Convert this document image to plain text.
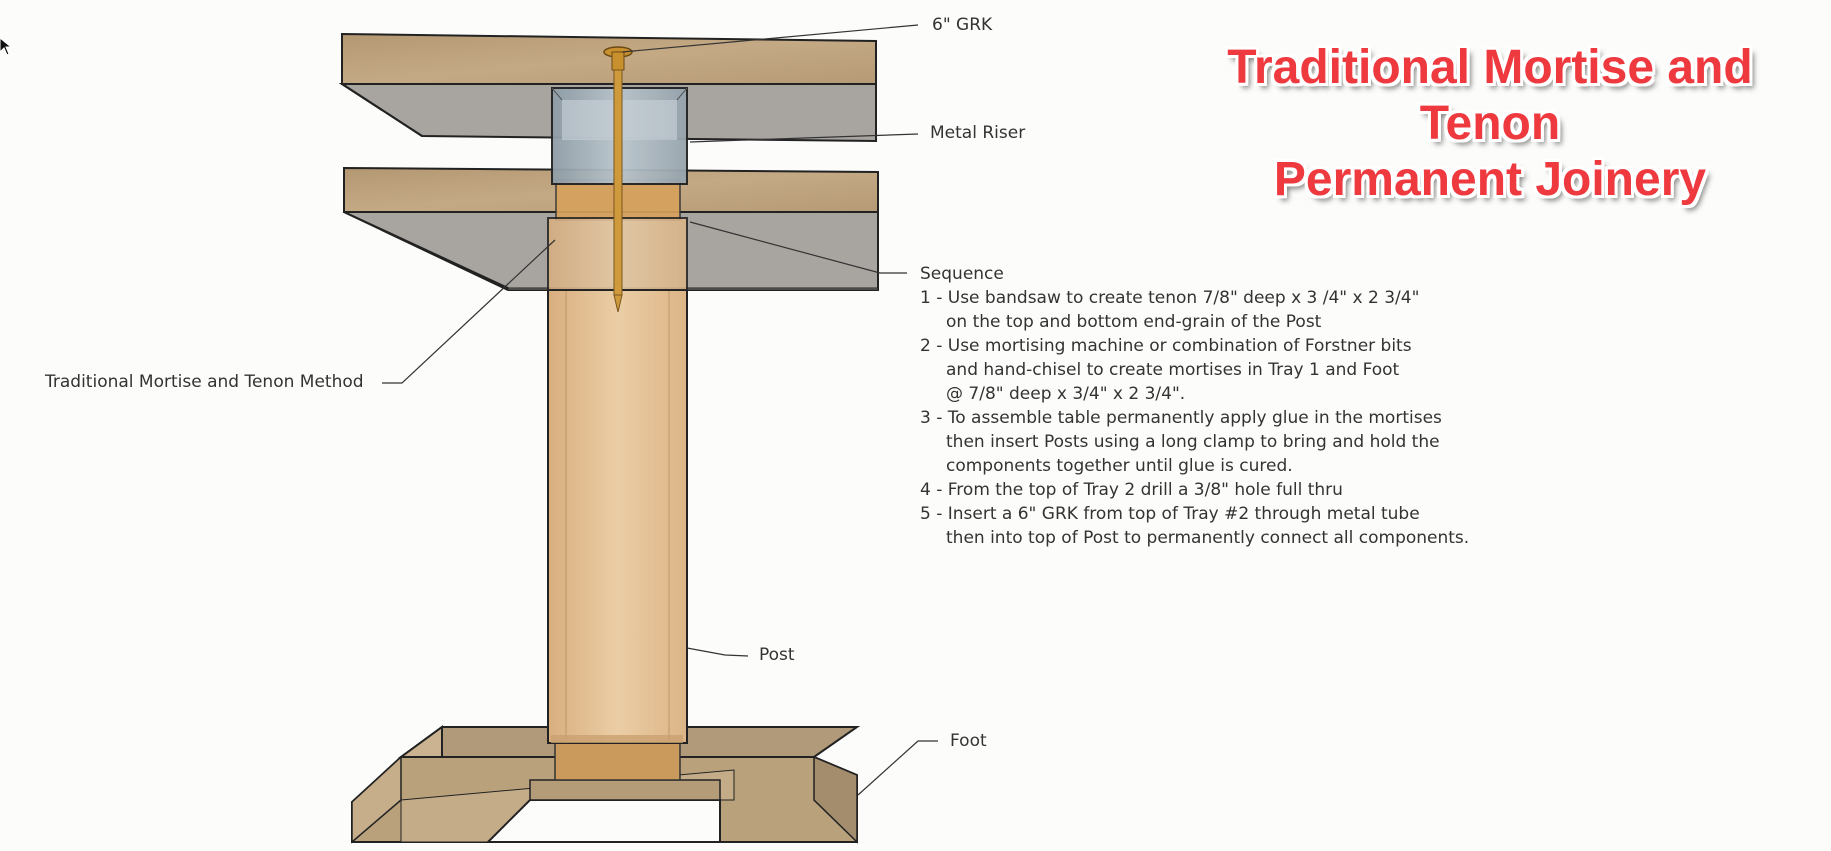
Traditional Mortise and
Tenon
Permanent Joinery
6" GRK
Metal Riser
Traditional Mortise and Tenon Method
Post
Foot
Sequence
1 - Use bandsaw to create tenon 7/8" deep x 3 /4" x 2 3/4"
on the top and bottom end-grain of the Post
2 - Use mortising machine or combination of Forstner bits
and hand-chisel to create mortises in Tray 1 and Foot
@ 7/8" deep x 3/4" x 2 3/4".
3 - To assemble table permanently apply glue in the mortises
then insert Posts using a long clamp to bring and hold the
components together until glue is cured.
4 - From the top of Tray 2 drill a 3/8" hole full thru
5 - Insert a 6" GRK from top of Tray #2 through metal tube
then into top of Post to permanently connect all components.
